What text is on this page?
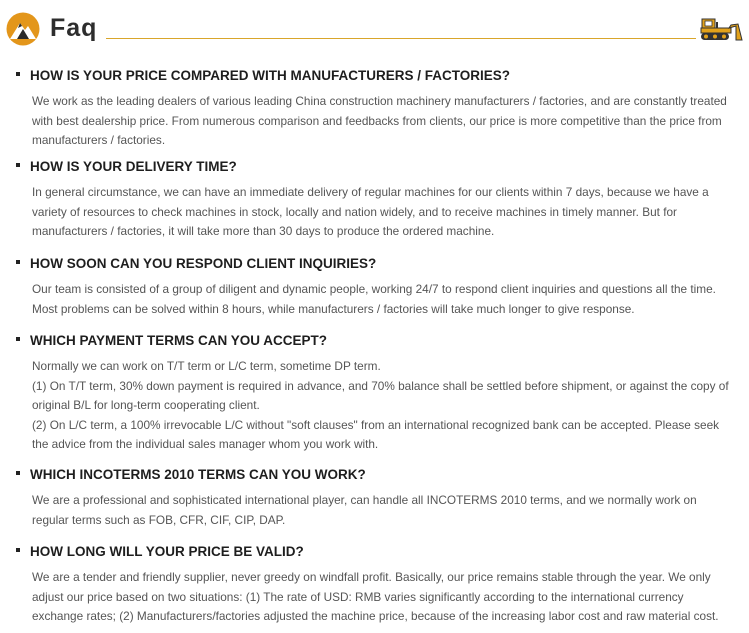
Faq
HOW IS YOUR PRICE COMPARED WITH MANUFACTURERS / FACTORIES?

We work as the leading dealers of various leading China construction machinery manufacturers / factories, and are constantly treated with best dealership price. From numerous comparison and feedbacks from clients, our price is more competitive than the price from manufacturers / factories.

HOW IS YOUR DELIVERY TIME?

In general circumstance, we can have an immediate delivery of regular machines for our clients within 7 days, because we have a variety of resources to check machines in stock, locally and nation widely, and to receive machines in timely manner. But for manufacturers / factories, it will take more than 30 days to produce the ordered machine.

HOW SOON CAN YOU RESPOND CLIENT INQUIRIES?

Our team is consisted of a group of diligent and dynamic people, working 24/7 to respond client inquiries and questions all the time. Most problems can be solved within 8 hours, while manufacturers / factories will take much longer to give response.

WHICH PAYMENT TERMS CAN YOU ACCEPT?

Normally we can work on T/T term or L/C term, sometime DP term.

(1) On T/T term, 30% down payment is required in advance, and 70% balance shall be settled before shipment, or against the copy of original B/L for long-term cooperating client.

(2) On L/C term, a 100% irrevocable L/C without "soft clauses" from an international recognized bank can be accepted. Please seek the advice from the individual sales manager whom you work with.

WHICH INCOTERMS 2010 TERMS CAN YOU WORK?

We are a professional and sophisticated international player, can handle all INCOTERMS 2010 terms, and we normally work on regular terms such as FOB, CFR, CIF, CIP, DAP.

HOW LONG WILL YOUR PRICE BE VALID?

We are a tender and friendly supplier, never greedy on windfall profit. Basically, our price remains stable through the year. We only adjust our price based on two situations: (1) The rate of USD: RMB varies significantly according to the international currency exchange rates; (2) Manufacturers/factories adjusted the machine price, because of the increasing labor cost and raw material cost.
